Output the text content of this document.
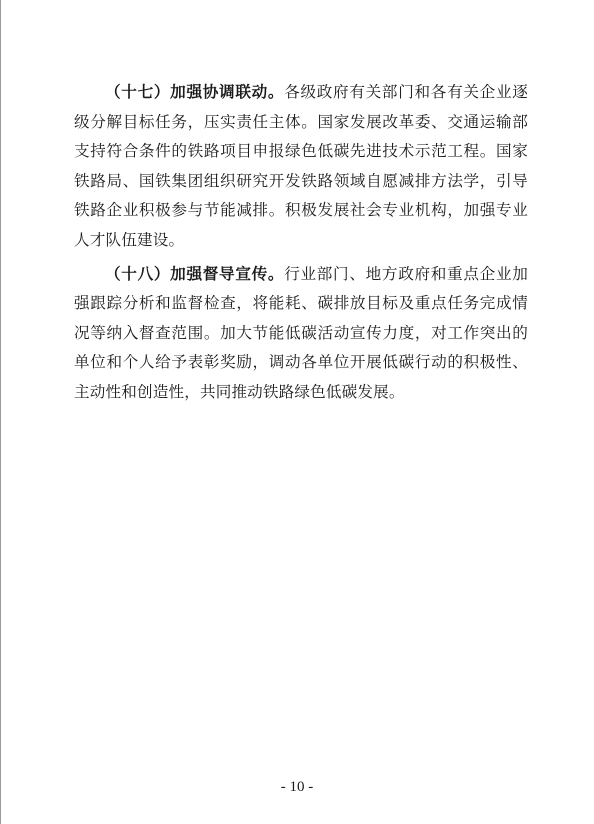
（十七）加强协调联动。各级政府有关部门和各有关企业逐级分解目标任务，压实责任主体。国家发展改革委、交通运输部支持符合条件的铁路项目申报绿色低碳先进技术示范工程。国家铁路局、国铁集团组织研究开发铁路领域自愿减排方法学，引导铁路企业积极参与节能减排。积极发展社会专业机构，加强专业人才队伍建设。

（十八）加强督导宣传。行业部门、地方政府和重点企业加强跟踪分析和监督检查，将能耗、碳排放目标及重点任务完成情况等纳入督查范围。加大节能低碳活动宣传力度，对工作突出的单位和个人给予表彰奖励，调动各单位开展低碳行动的积极性、主动性和创造性，共同推动铁路绿色低碳发展。

- 10 -
